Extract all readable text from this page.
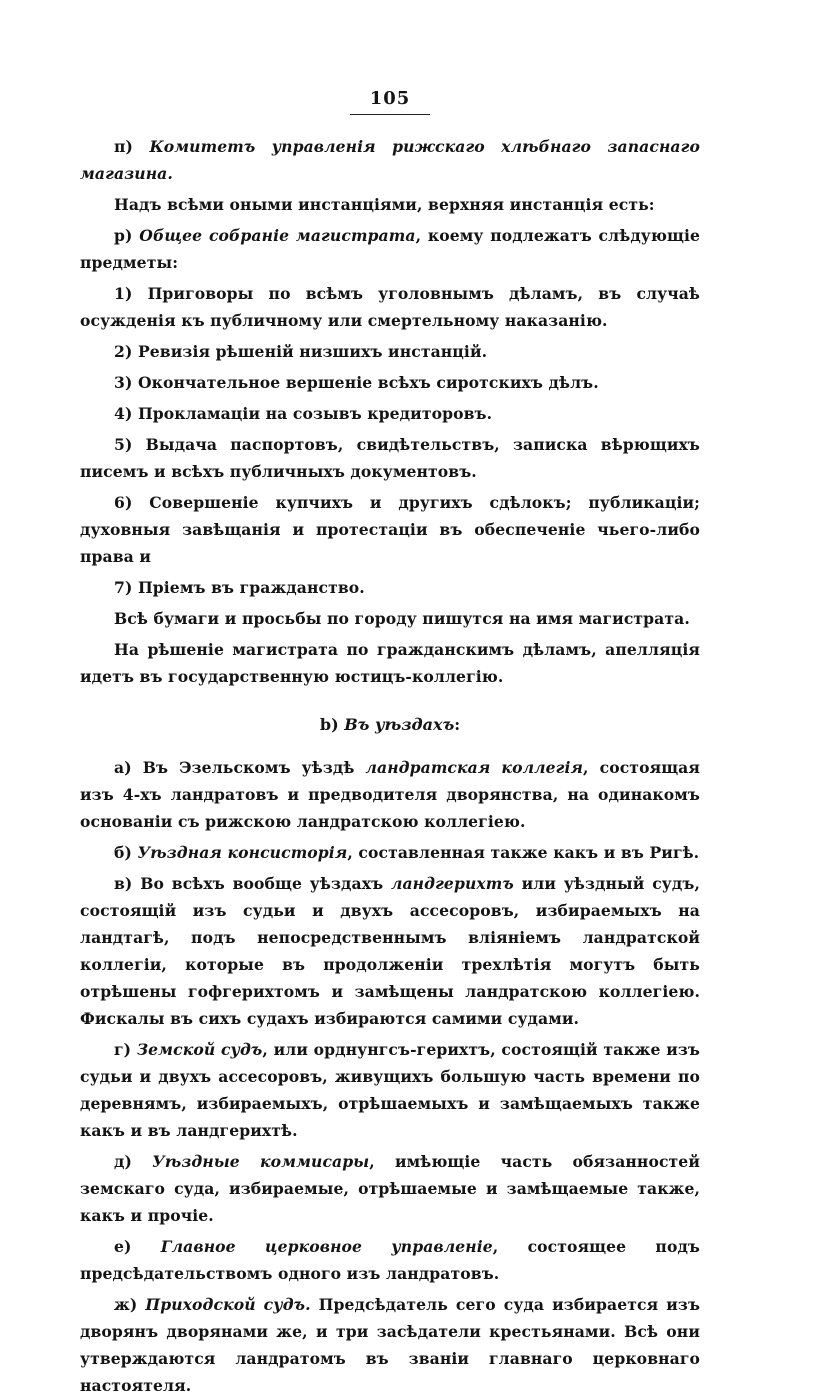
105

п) Комитетъ управленія рижскаго хлѣбнаго запаснаго магазина.

Надъ всѣми оными инстанціями, верхняя инстанція есть:

р) Общее собраніе магистрата, коему подлежатъ слѣдующіе предметы:

1) Приговоры по всѣмъ уголовнымъ дѣламъ, въ случаѣ осужденія къ публичному или смертельному наказанію.

2) Ревизія рѣшеній низшихъ инстанцій.

3) Окончательное вершеніе всѣхъ сиротскихъ дѣлъ.

4) Прокламаціи на созывъ кредиторовъ.

5) Выдача паспортовъ, свидѣтельствъ, записка вѣрющихъ писемъ и всѣхъ публичныхъ документовъ.

6) Совершеніе купчихъ и другихъ сдѣлокъ; публикаціи; духовныя завѣщанія и протестаціи въ обеспеченіе чьего-либо права и

7) Пріемъ въ гражданство.

Всѣ бумаги и просьбы по городу пишутся на имя магистрата.

На рѣшеніе магистрата по гражданскимъ дѣламъ, апелляція идетъ въ государственную юстицъ-коллегію.

b) Въ уѣздахъ:

а) Въ Эзельскомъ уѣздѣ ландратская коллегія, состоящая изъ 4-хъ ландратовъ и предводителя дворянства, на одинакомъ основаніи съ рижскою ландратскою коллегіею.

б) Уѣздная консисторія, составленная также какъ и въ Ригѣ.

в) Во всѣхъ вообще уѣздахъ ландгерихтъ или уѣздный судъ, состоящій изъ судьи и двухъ ассесоровъ, избираемыхъ на ландтагѣ, подъ непосредственнымъ вліяніемъ ландратской коллегіи, которые въ продолженіи трехлѣтія могутъ быть отрѣшены гофгерихтомъ и замѣщены ландратскою коллегіею. Фискалы въ сихъ судахъ избираются самими судами.

г) Земской судъ, или орднунгсъ-герихтъ, состоящій также изъ судьи и двухъ ассесоровъ, живущихъ большую часть времени по деревнямъ, избираемыхъ, отрѣшаемыхъ и замѣщаемыхъ также какъ и въ ландгерихтѣ.

д) Уѣздные коммисары, имѣющіе часть обязанностей земскаго суда, избираемые, отрѣшаемые и замѣщаемые также, какъ и прочіе.

е) Главное церковное управленіе, состоящее подъ предсѣдательствомъ одного изъ ландратовъ.

ж) Приходской судъ. Предсѣдатель сего суда избирается изъ дворянъ дворянами же, и три засѣдатели крестьянами. Всѣ они утверждаются ландратомъ въ званіи главнаго церковнаго настоятеля.
